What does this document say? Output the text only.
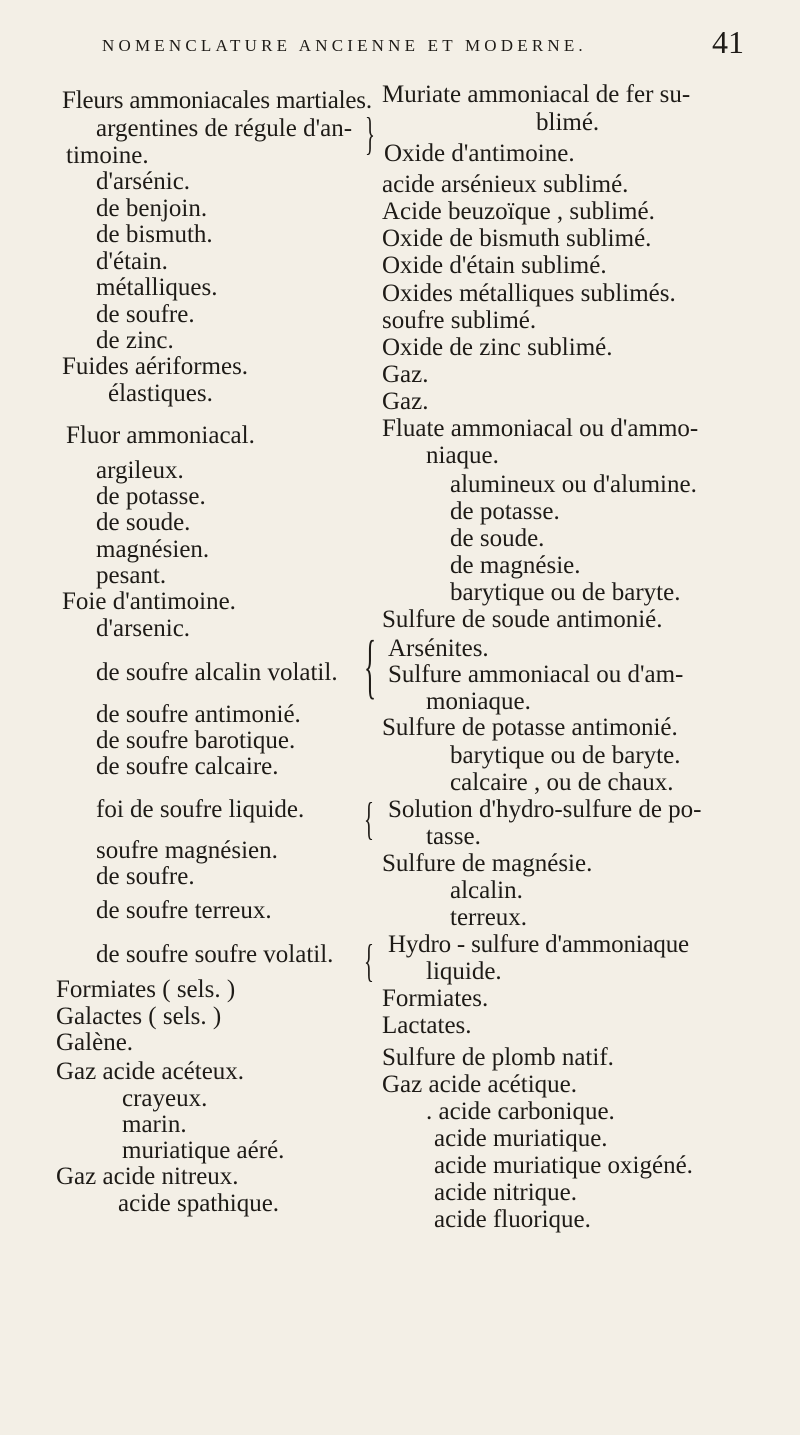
NOMENCLATURE ANCIENNE ET MODERNE.	41
Fleurs ammoniacales martiales.
argentines de régule d'an-
timoine.
d'arsénic.
de benjoin.
de bismuth.
d'étain.
métalliques.
de soufre.
de zinc.
Fuides aériformes.
élastiques.
Fluor ammoniacal.
argileux.
de potasse.
de soude.
magnésien.
pesant.
Foie d'antimoine.
d'arsenic.
de soufre alcalin volatil.
de soufre antimonié.
de soufre barotique.
de soufre calcaire.
foi de soufre liquide.
soufre magnésien.
de soufre.
de soufre terreux.
de soufre soufre volatil.
Formiates ( sels. )
Galactes ( sels. )
Galène.
Gaz acide acéteux.
crayeux.
marin.
muriatique aéré.
Gaz acide nitreux.
acide spathique.
}
{
{
{
Muriate ammoniacal de fer su-
blimé.
Oxide d'antimoine.
acide arsénieux sublimé.
Acide beuzoïque , sublimé.
Oxide de bismuth sublimé.
Oxide d'étain sublimé.
Oxides métalliques sublimés.
soufre sublimé.
Oxide de zinc sublimé.
Gaz.
Gaz.
Fluate ammoniacal ou d'ammo-
niaque.
alumineux ou d'alumine.
de potasse.
de soude.
de magnésie.
barytique ou de baryte.
Sulfure de soude antimonié.
Arsénites.
Sulfure ammoniacal ou d'am-
moniaque.
Sulfure de potasse antimonié.
barytique ou de baryte.
calcaire , ou de chaux.
Solution d'hydro-sulfure de po-
tasse.
Sulfure de magnésie.
alcalin.
terreux.
Hydro - sulfure d'ammoniaque
liquide.
Formiates.
Lactates.
Sulfure de plomb natif.
Gaz acide acétique.
. acide carbonique.
acide muriatique.
acide muriatique oxigéné.
acide nitrique.
acide fluorique.
